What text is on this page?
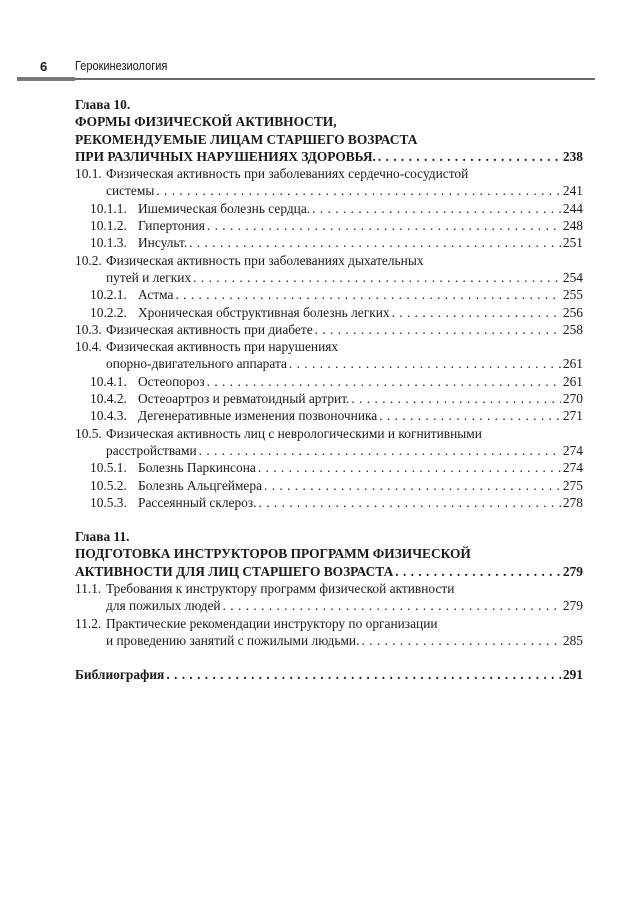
6 Герокинезиология
Глава 10.
ФОРМЫ ФИЗИЧЕСКОЙ АКТИВНОСТИ,
РЕКОМЕНДУЕМЫЕ ЛИЦАМ СТАРШЕГО ВОЗРАСТА
ПРИ РАЗЛИЧНЫХ НАРУШЕНИЯХ ЗДОРОВЬЯ. . . .	238
10.1. Физическая активность при заболеваниях сердечно-сосудистой
системы . . .	241
10.1.1. Ишемическая болезнь сердца. . . .	244
10.1.2. Гипертония . . .	248
10.1.3. Инсульт. . . .	251
10.2. Физическая активность при заболеваниях дыхательных
путей и легких . . .	254
10.2.1. Астма . . .	255
10.2.2. Хроническая обструктивная болезнь легких . . .	256
10.3. Физическая активность при диабете . . .	258
10.4. Физическая активность при нарушениях
опорно-двигательного аппарата . . .	261
10.4.1. Остеопороз . . .	261
10.4.2. Остеоартроз и ревматоидный артрит. . . .	270
10.4.3. Дегенеративные изменения позвоночника . . .	271
10.5. Физическая активность лиц с неврологическими и когнитивными
расстройствами . . .	274
10.5.1. Болезнь Паркинсона . . .	274
10.5.2. Болезнь Альцгеймера . . .	275
10.5.3. Рассеянный склероз. . . .	278
Глава 11.
ПОДГОТОВКА ИНСТРУКТОРОВ ПРОГРАММ ФИЗИЧЕСКОЙ
АКТИВНОСТИ ДЛЯ ЛИЦ СТАРШЕГО ВОЗРАСТА . . .	279
11.1. Требования к инструктору программ физической активности
для пожилых людей . . .	279
11.2. Практические рекомендации инструктору по организации
и проведению занятий с пожилыми людьми. . . .	285
Библиография . . .	291
